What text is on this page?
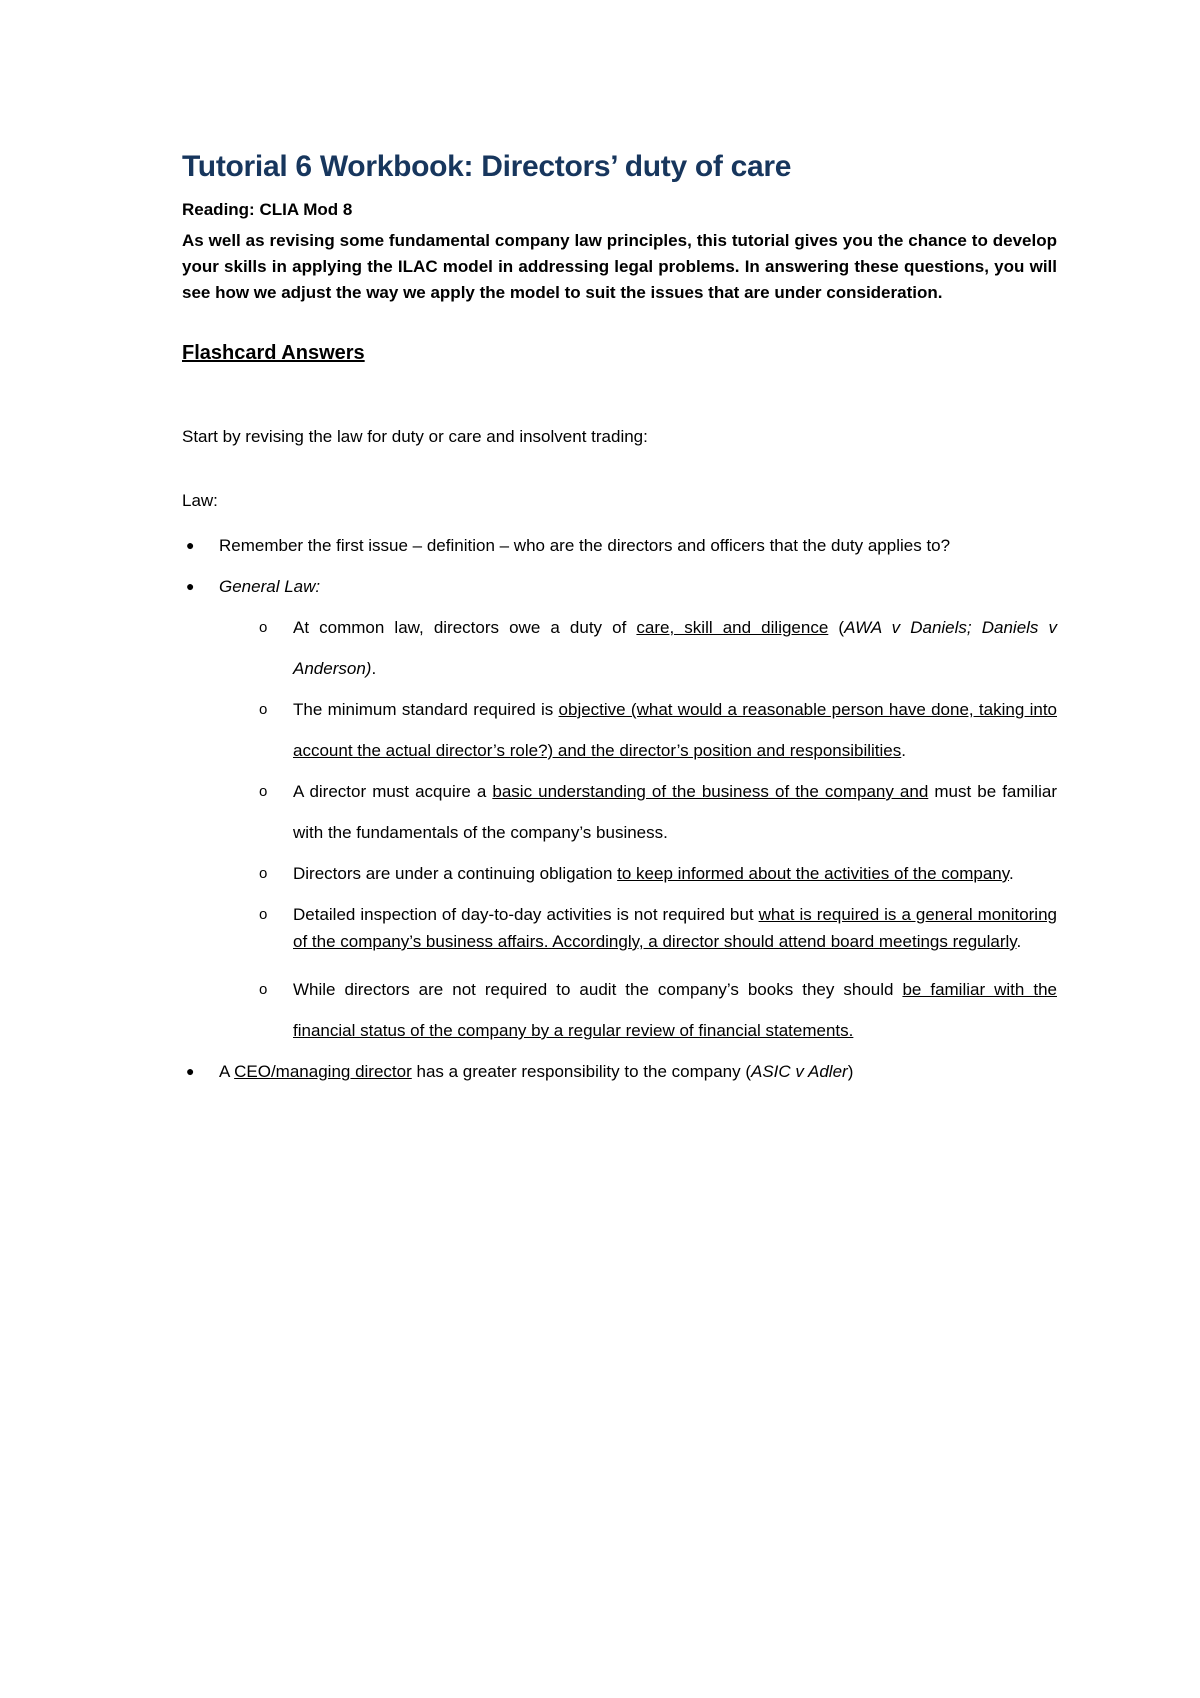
Tutorial 6 Workbook: Directors’ duty of care

Reading: CLIA Mod 8

As well as revising some fundamental company law principles, this tutorial gives you the chance to develop your skills in applying the ILAC model in addressing legal problems. In answering these questions, you will see how we adjust the way we apply the model to suit the issues that are under consideration.

Flashcard Answers

Start by revising the law for duty or care and insolvent trading:

Law:

● Remember the first issue – definition – who are the directors and officers that the duty applies to?
● General Law:
o At common law, directors owe a duty of care, skill and diligence (AWA v Daniels; Daniels v Anderson).
o The minimum standard required is objective (what would a reasonable person have done, taking into account the actual director’s role?) and the director’s position and responsibilities.
o A director must acquire a basic understanding of the business of the company and must be familiar with the fundamentals of the company’s business.
o Directors are under a continuing obligation to keep informed about the activities of the company.
o Detailed inspection of day-to-day activities is not required but what is required is a general monitoring of the company’s business affairs. Accordingly, a director should attend board meetings regularly.
o While directors are not required to audit the company’s books they should be familiar with the financial status of the company by a regular review of financial statements.
● A CEO/managing director has a greater responsibility to the company (ASIC v Adler)
